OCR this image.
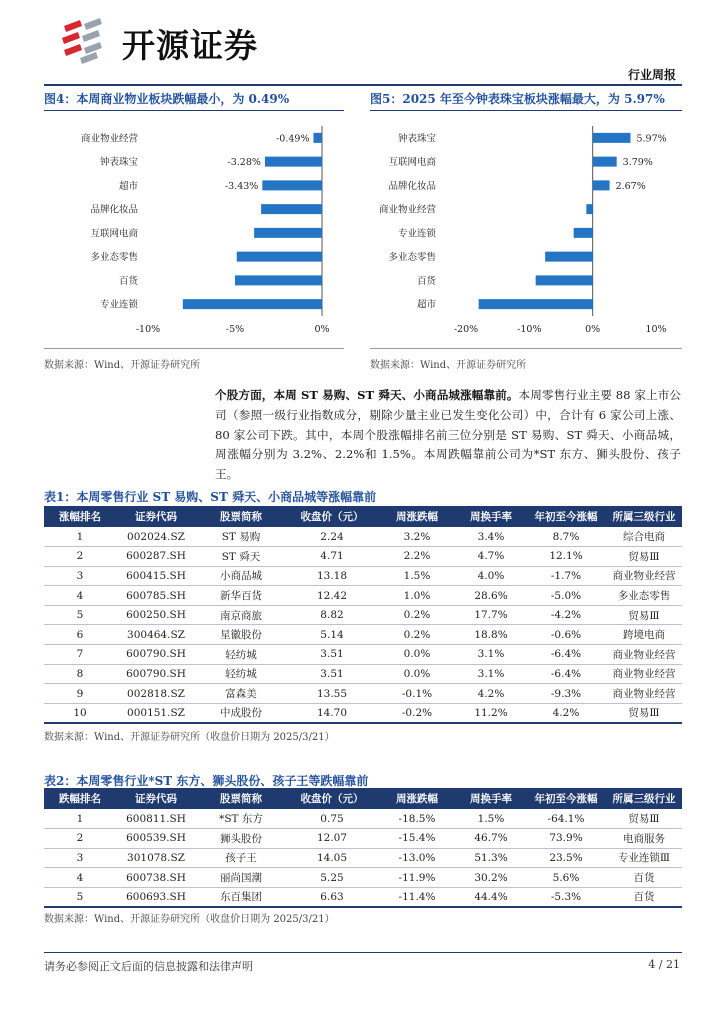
开源证券
行业周报
图4：本周商业物业板块跌幅最小，为 0.49%
商业物业经营	-0.49%
钟表珠宝	-3.28%
超市	-3.43%
品牌化妆品
互联网电商
多业态零售
百货
专业连锁
-10%	-5%	0%
数据来源：Wind、开源证券研究所
图5：2025 年至今钟表珠宝板块涨幅最大，为 5.97%
钟表珠宝	5.97%
互联网电商	3.79%
品牌化妆品	2.67%
商业物业经营
专业连锁
多业态零售
百货
超市
-20%	-10%	0%	10%
数据来源：Wind、开源证券研究所
个股方面，本周 ST 易购、ST 舜天、小商品城涨幅靠前。本周零售行业主要 88 家上市公司（参照一级行业指数成分，剔除少量主业已发生变化公司）中，合计有 6 家公司上涨、80 家公司下跌。其中，本周个股涨幅排名前三位分别是 ST 易购、ST 舜天、小商品城，周涨幅分别为 3.2%、2.2%和 1.5%。本周跌幅靠前公司为*ST 东方、狮头股份、孩子王。
表1：本周零售行业 ST 易购、ST 舜天、小商品城等涨幅靠前
涨幅排名	证券代码	股票简称	收盘价（元）	周涨跌幅	周换手率	年初至今涨幅	所属三级行业
1	002024.SZ	ST 易购	2.24	3.2%	3.4%	8.7%	综合电商
2	600287.SH	ST 舜天	4.71	2.2%	4.7%	12.1%	贸易Ⅲ
3	600415.SH	小商品城	13.18	1.5%	4.0%	-1.7%	商业物业经营
4	600785.SH	新华百货	12.42	1.0%	28.6%	-5.0%	多业态零售
5	600250.SH	南京商旅	8.82	0.2%	17.7%	-4.2%	贸易Ⅲ
6	300464.SZ	星徽股份	5.14	0.2%	18.8%	-0.6%	跨境电商
7	600790.SH	轻纺城	3.51	0.0%	3.1%	-6.4%	商业物业经营
8	600790.SH	轻纺城	3.51	0.0%	3.1%	-6.4%	商业物业经营
9	002818.SZ	富森美	13.55	-0.1%	4.2%	-9.3%	商业物业经营
10	000151.SZ	中成股份	14.70	-0.2%	11.2%	4.2%	贸易Ⅲ
数据来源：Wind、开源证券研究所（收盘价日期为 2025/3/21）
表2：本周零售行业*ST 东方、狮头股份、孩子王等跌幅靠前
跌幅排名	证券代码	股票简称	收盘价（元）	周涨跌幅	周换手率	年初至今涨幅	所属三级行业
1	600811.SH	*ST 东方	0.75	-18.5%	1.5%	-64.1%	贸易Ⅲ
2	600539.SH	狮头股份	12.07	-15.4%	46.7%	73.9%	电商服务
3	301078.SZ	孩子王	14.05	-13.0%	51.3%	23.5%	专业连锁Ⅲ
4	600738.SH	丽尚国潮	5.25	-11.9%	30.2%	5.6%	百货
5	600693.SH	东百集团	6.63	-11.4%	44.4%	-5.3%	百货
数据来源：Wind、开源证券研究所（收盘价日期为 2025/3/21）
请务必参阅正文后面的信息披露和法律声明	4 / 21
